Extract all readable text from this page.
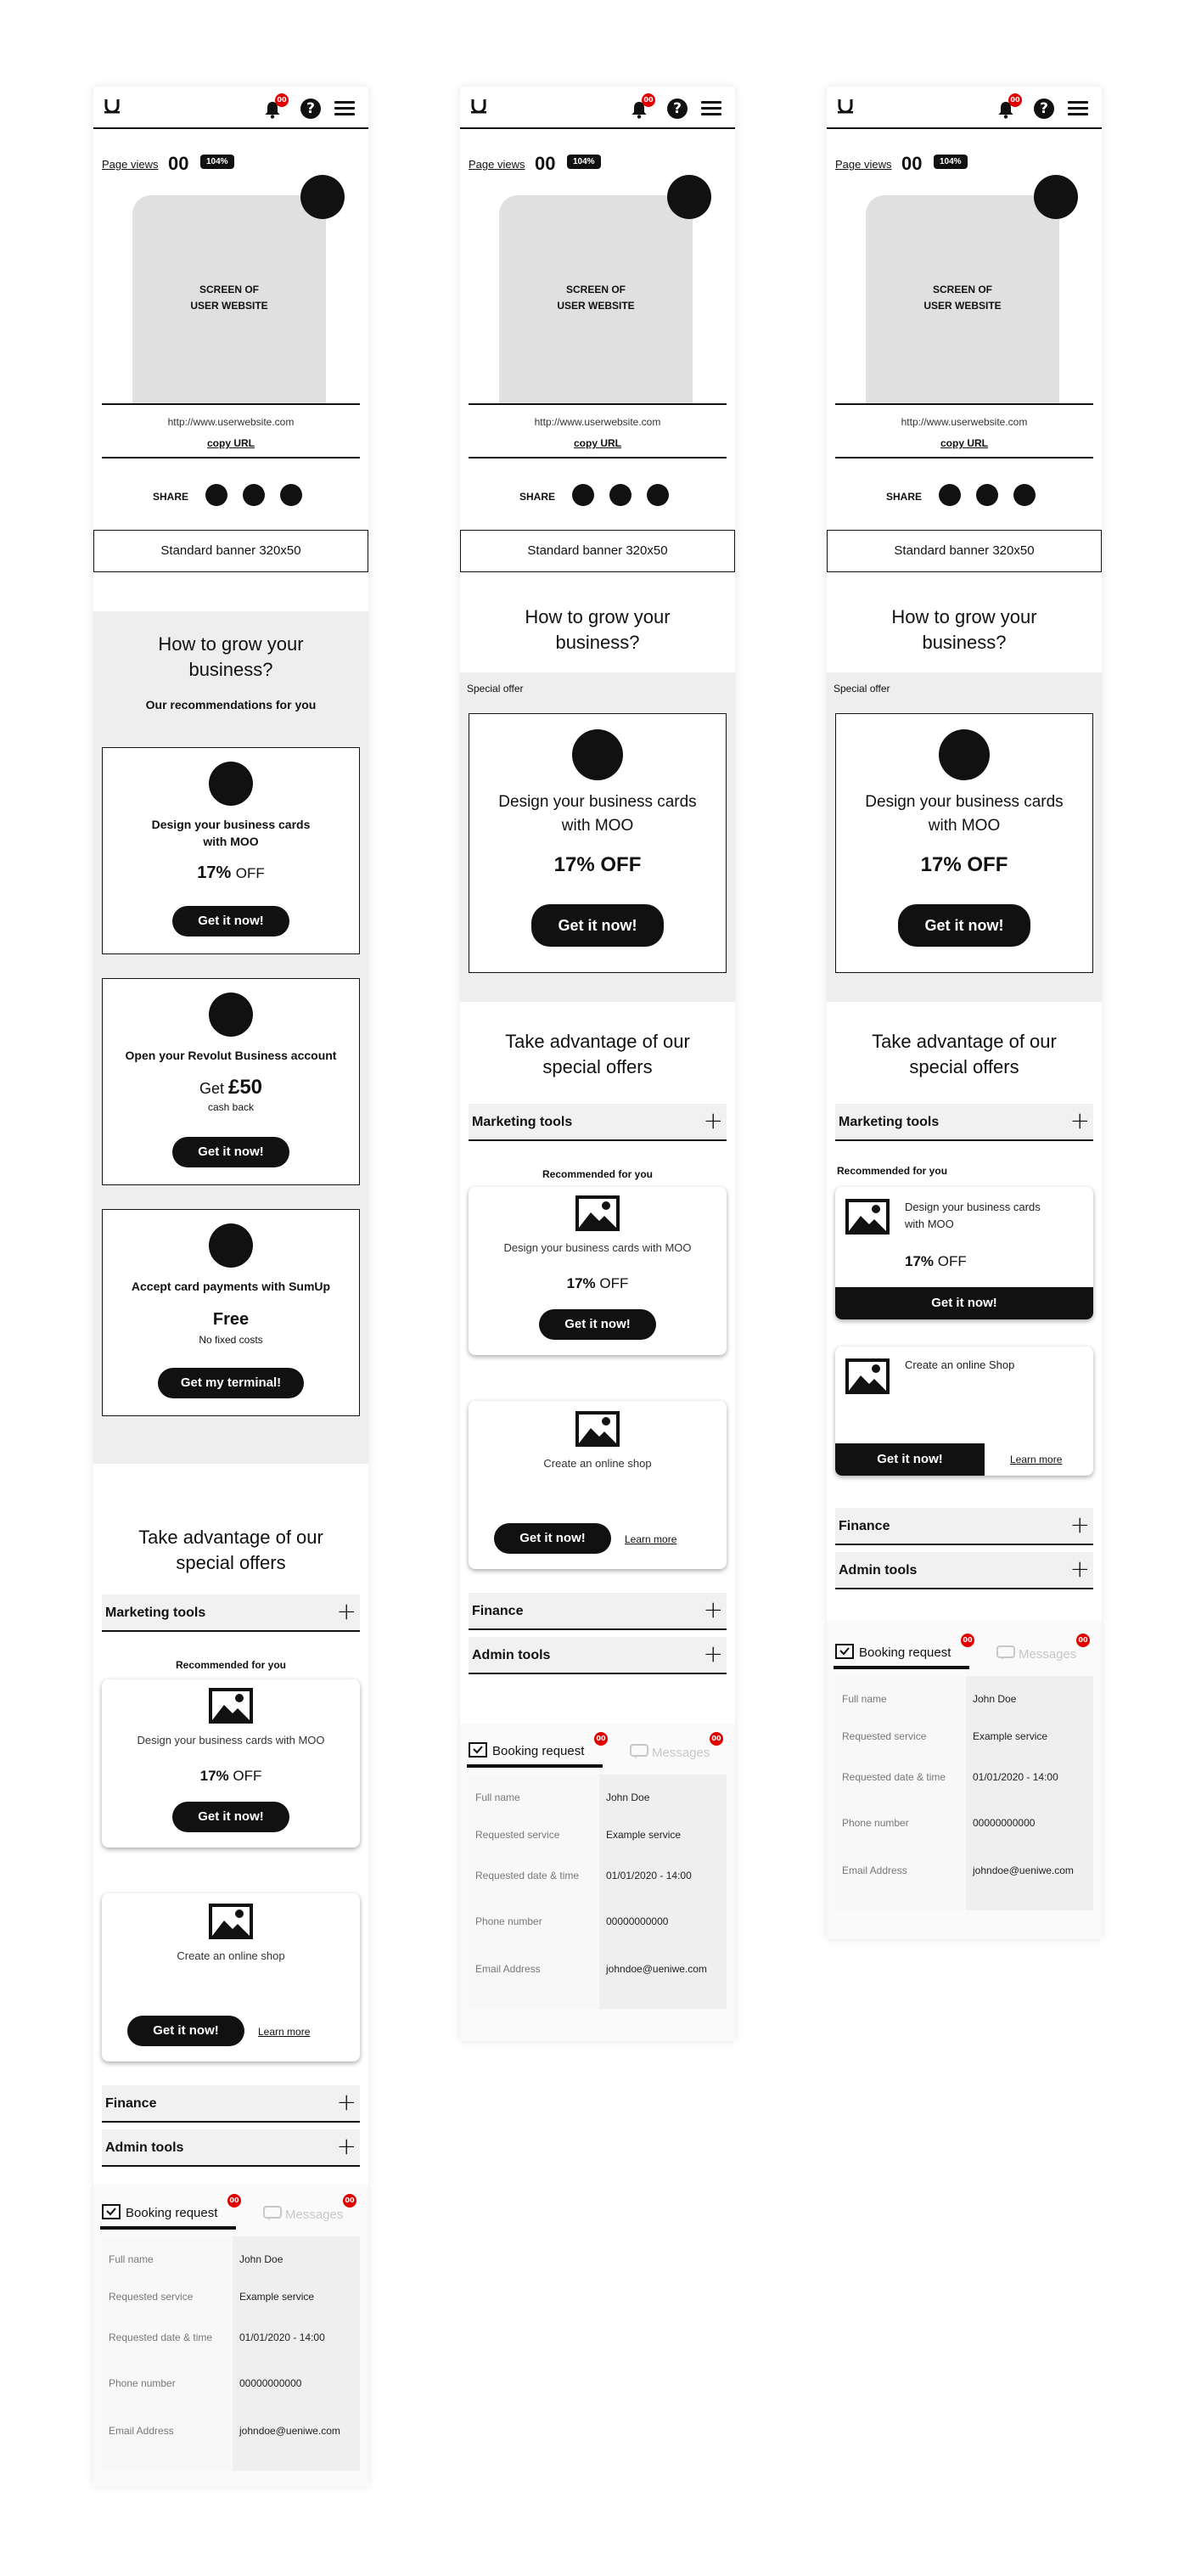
00
?
Page views 00	104%
SCREEN OF
USER WEBSITE
http://www.userwebsite.com
copy URL
SHARE
Standard banner 320x50
How to grow your
business?
Our recommendations for you
Design your business cards
with MOO
17% OFF
Get it now!
Open your Revolut Business account
Get £50
cash back
Get it now!
Accept card payments with SumUp
Free
No fixed costs
Get my terminal!
Take advantage of our
special offers
Marketing tools	+
Recommended for you
Design your business cards with MOO
17% OFF
Get it now!
Create an online shop
Get it now!	Learn more
Finance	+
Admin tools	+
Booking request
00
Messages
00
Full name	John Doe
Requested service	Example service
Requested date & time	01/01/2020 - 14:00
Phone number	00000000000
Email Address	johndoe@ueniwe.com
00
?
Page views 00	104%
SCREEN OF
USER WEBSITE
http://www.userwebsite.com
copy URL
SHARE
Standard banner 320x50
How to grow your
business?
Special offer
Design your business cards
with MOO
17% OFF
Get it now!
Take advantage of our
special offers
Marketing tools	+
Recommended for you
Design your business cards with MOO
17% OFF
Get it now!
Create an online shop
Get it now!	Learn more
Finance	+
Admin tools	+
Booking request
00
Messages
00
Full name	John Doe
Requested service	Example service
Requested date & time	01/01/2020 - 14:00
Phone number	00000000000
Email Address	johndoe@ueniwe.com
00
?
Page views 00	104%
SCREEN OF
USER WEBSITE
http://www.userwebsite.com
copy URL
SHARE
Standard banner 320x50
How to grow your
business?
Special offer
Design your business cards
with MOO
17% OFF
Get it now!
Take advantage of our
special offers
Marketing tools	+
Recommended for you
Design your business cards
with MOO
17% OFF
Get it now!
Create an online Shop
Get it now!	Learn more
Finance	+
Admin tools	+
Booking request
00
Messages
00
Full name	John Doe
Requested service	Example service
Requested date & time	01/01/2020 - 14:00
Phone number	00000000000
Email Address	johndoe@ueniwe.com
